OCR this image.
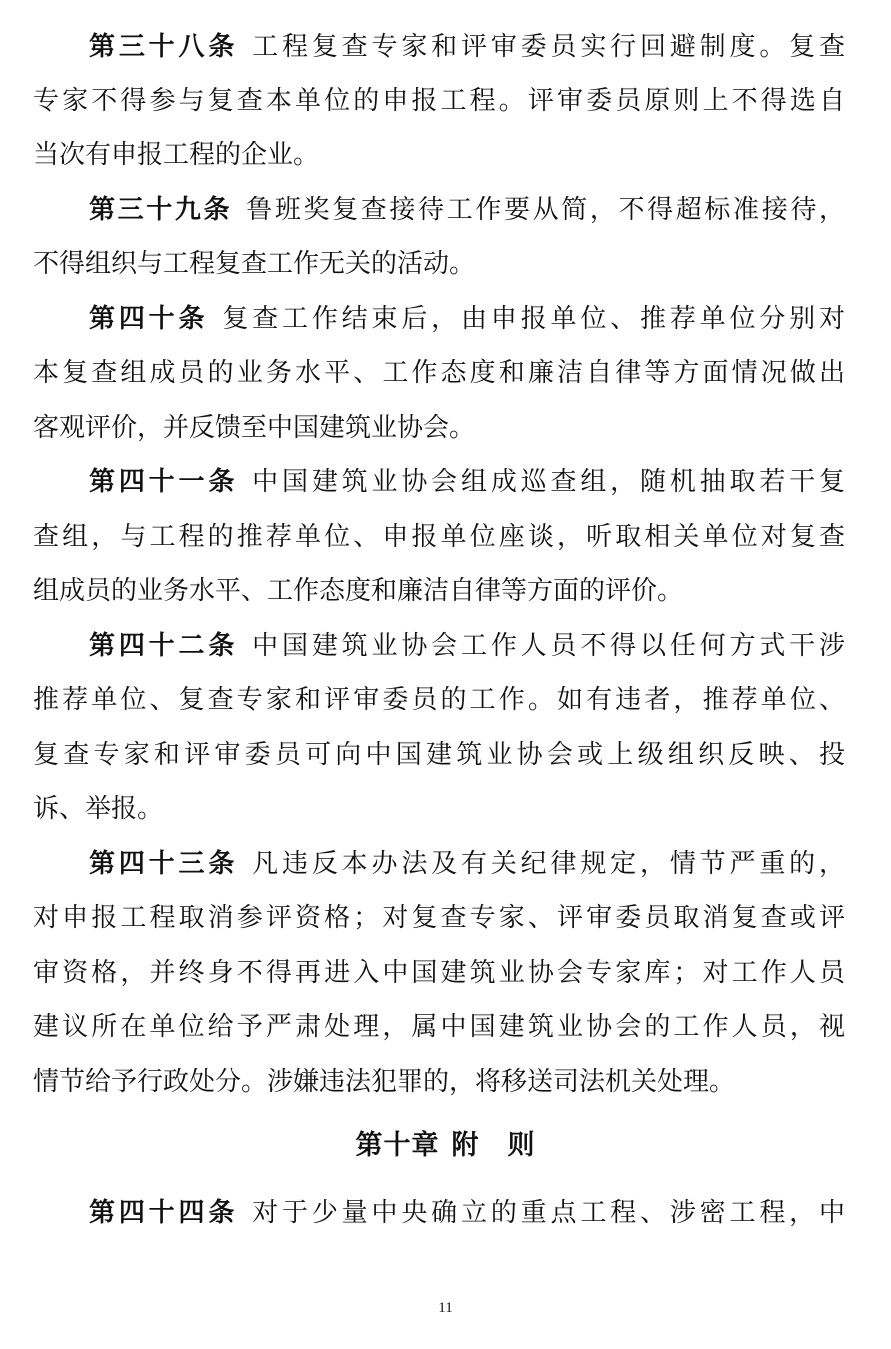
第三十八条 工程复查专家和评审委员实行回避制度。复查
专家不得参与复查本单位的申报工程。评审委员原则上不得选自
当次有申报工程的企业。
第三十九条 鲁班奖复查接待工作要从简，不得超标准接待，
不得组织与工程复查工作无关的活动。
第四十条 复查工作结束后，由申报单位、推荐单位分别对
本复查组成员的业务水平、工作态度和廉洁自律等方面情况做出
客观评价，并反馈至中国建筑业协会。
第四十一条 中国建筑业协会组成巡查组，随机抽取若干复
查组，与工程的推荐单位、申报单位座谈，听取相关单位对复查
组成员的业务水平、工作态度和廉洁自律等方面的评价。
第四十二条 中国建筑业协会工作人员不得以任何方式干涉
推荐单位、复查专家和评审委员的工作。如有违者，推荐单位、
复查专家和评审委员可向中国建筑业协会或上级组织反映、投
诉、举报。
第四十三条 凡违反本办法及有关纪律规定，情节严重的，
对申报工程取消参评资格；对复查专家、评审委员取消复查或评
审资格，并终身不得再进入中国建筑业协会专家库；对工作人员
建议所在单位给予严肃处理，属中国建筑业协会的工作人员，视
情节给予行政处分。涉嫌违法犯罪的，将移送司法机关处理。
第十章 附 则
第四十四条 对于少量中央确立的重点工程、涉密工程，中
11
